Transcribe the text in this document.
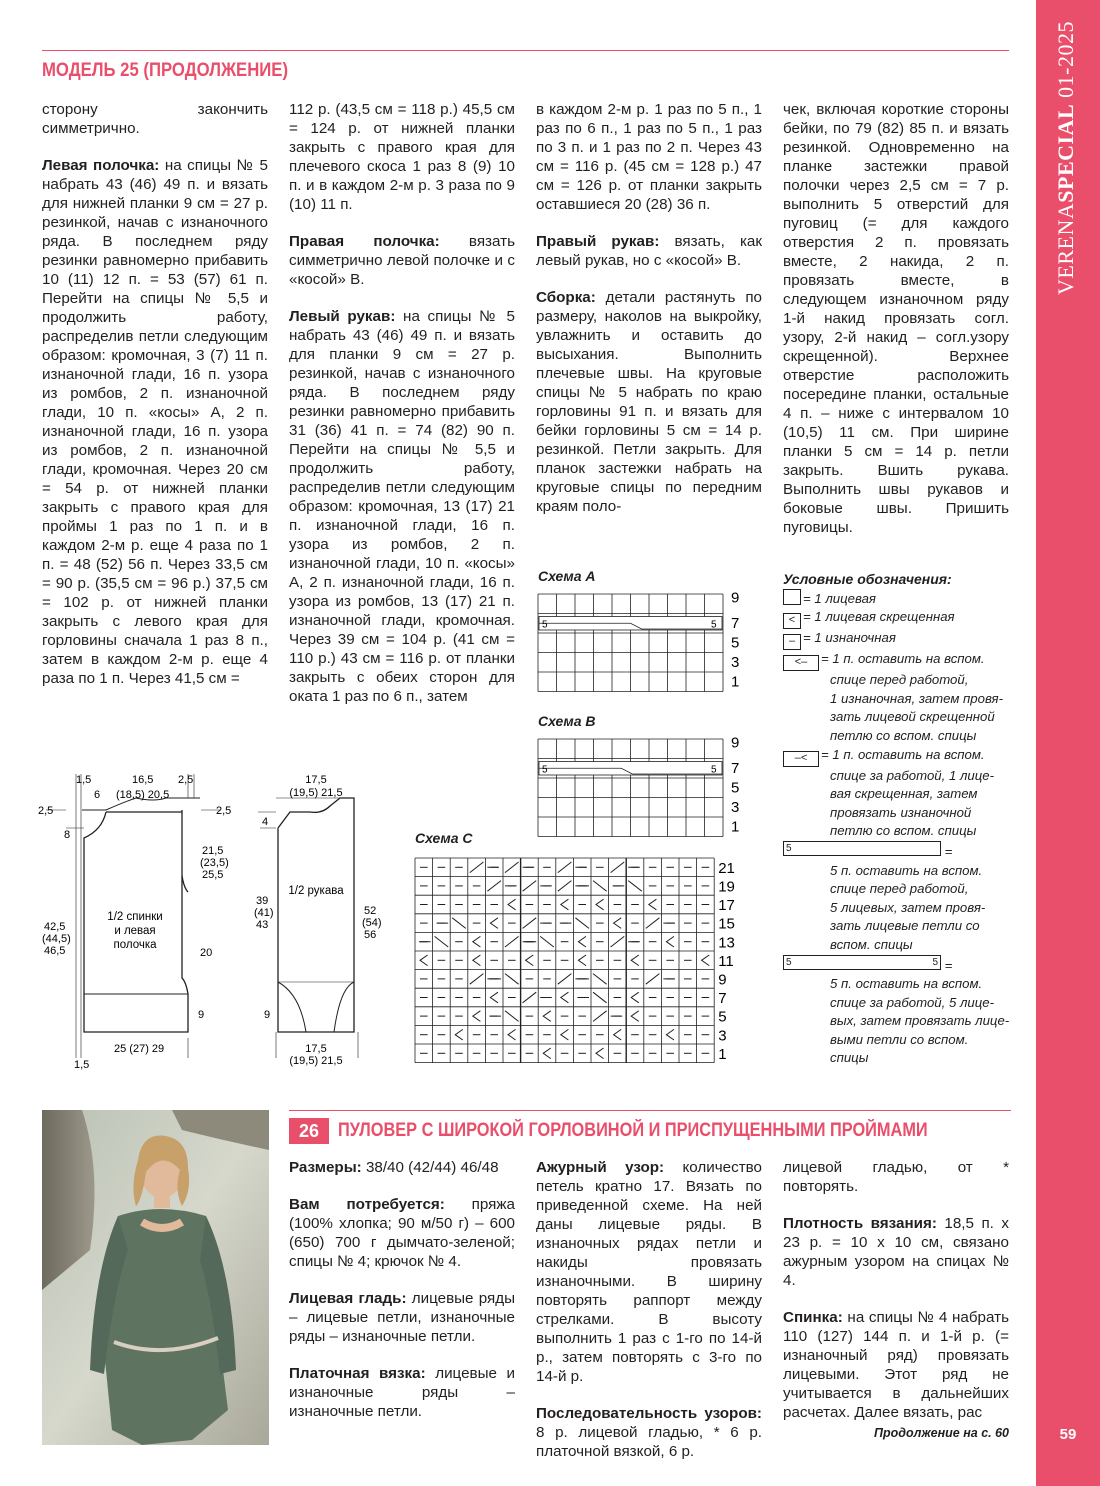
VERENASPECIAL 01-2025
59
МОДЕЛЬ 25 (ПРОДОЛЖЕНИЕ)

сторону закончить симметрично.

Левая полочка: на спицы № 5 набрать 43 (46) 49 п. и вязать для нижней планки 9 см = 27 р. резинкой, начав с изнаночного ряда. В последнем ряду резинки равномерно прибавить 10 (11) 12 п. = 53 (57) 61 п. Перейти на спицы № 5,5 и продолжить работу, распределив петли следующим образом: кромочная, 3 (7) 11 п. изнаночной глади, 16 п. узора из ромбов, 2 п. изнаночной глади, 10 п. «косы» А, 2 п. изнаночной глади, 16 п. узора из ромбов, 2 п. изнаночной глади, кромочная. Через 20 см = 54 р. от нижней планки закрыть с правого края для проймы 1 раз по 1 п. и в каждом 2-м р. еще 4 раза по 1 п. = 48 (52) 56 п. Через 33,5 см = 90 р. (35,5 см = 96 р.) 37,5 см = 102 р. от нижней планки закрыть с левого края для горловины сначала 1 раз 8 п., затем в каждом 2-м р. еще 4 раза по 1 п. Через 41,5 см =

112 р. (43,5 см = 118 р.) 45,5 см = 124 р. от нижней планки закрыть с правого края для плечевого скоса 1 раз 8 (9) 10 п. и в каждом 2-м р. 3 раза по 9 (10) 11 п.

Правая полочка: вязать симметрично левой полочке и с «косой» В.

Левый рукав: на спицы № 5 набрать 43 (46) 49 п. и вязать для планки 9 см = 27 р. резинкой, начав с изнаночного ряда. В последнем ряду резинки равномерно прибавить 31 (36) 41 п. = 74 (82) 90 п. Перейти на спицы № 5,5 и продолжить работу, распределив петли следующим образом: кромочная, 13 (17) 21 п. изнаночной глади, 16 п. узора из ромбов, 2 п. изнаночной глади, 10 п. «косы» А, 2 п. изнаночной глади, 16 п. узора из ромбов, 13 (17) 21 п. изнаночной глади, кромочная. Через 39 см = 104 р. (41 см = 110 р.) 43 см = 116 р. от планки закрыть с обеих сторон для оката 1 раз по 6 п., затем

в каждом 2-м р. 1 раз по 5 п., 1 раз по 6 п., 1 раз по 5 п., 1 раз по 3 п. и 1 раз по 2 п. Через 43 см = 116 р. (45 см = 128 р.) 47 см = 126 р. от планки закрыть оставшиеся 20 (28) 36 п.

Правый рукав: вязать, как левый рукав, но с «косой» В.

Сборка: детали растянуть по размеру, наколов на выкройку, увлажнить и оставить до высыхания. Выполнить плечевые швы. На круговые спицы № 5 набрать по краю горловины 91 п. и вязать для бейки горловины 5 см = 14 р. резинкой. Петли закрыть. Для планок застежки набрать на круговые спицы по передним краям поло-

чек, включая короткие стороны бейки, по 79 (82) 85 п. и вязать резинкой. Одновременно на планке застежки правой полочки через 2,5 см = 7 р. выполнить 5 отверстий для пуговиц (= для каждого отверстия 2 п. провязать вместе, 2 накида, 2 п. провязать вместе, в следующем изнаночном ряду 1-й накид провязать согл. узору, 2-й накид – согл.узору скрещенной). Верхнее отверстие расположить посередине планки, остальные 4 п. – ниже с интервалом 10 (10,5) 11 см. При ширине планки 5 см = 14 р. петли закрыть. Вшить рукава. Выполнить швы рукавов и боковые швы. Пришить пуговицы.

Схема А
5	5
9
7
5
3
1
Схема В
5	5
9
7
5
3
1
Схема С
21
19
17
15
13
11
9
7
5
3
1
Условные обозначения:
= 1 лицевая
< = 1 лицевая скрещенная
– = 1 изнаночная
<– = 1 п. оставить на вспом.
спице перед работой,
1 изнаночная, затем провя-
зать лицевой скрещенной
петлю со вспом. спицы
–< = 1 п. оставить на вспом.
спице за работой, 1 лице-
вая скрещенная, затем
провязать изнаночной
петлю со вспом. спицы
5	=
5 п. оставить на вспом.
спице перед работой,
5 лицевых, затем провя-
зать лицевые петли со
вспом. спицы
5	5 =
5 п. оставить на вспом.
спице за работой, 5 лице-
вых, затем провязать лице-
выми петли со вспом.
спицы
1,5
6
16,5
(18,5) 20,5
2,5
2,5	2,5
8
21,5
(23,5)
25,5
42,5
(44,5)
46,5
1/2 спинки
и левая
полочка
20
9
25 (27) 29
1,5
17,5
(19,5) 21,5
4
39
(41)
43
1/2 рукава
52
(54)
56
9
17,5
(19,5) 21,5
26 ПУЛОВЕР С ШИРОКОЙ ГОРЛОВИНОЙ И ПРИСПУЩЕННЫМИ ПРОЙМАМИ

Размеры: 38/40 (42/44) 46/48

Вам потребуется: пряжа (100% хлопка; 90 м/50 г) – 600 (650) 700 г дымчато-зеленой; спицы № 4; крючок № 4.

Лицевая гладь: лицевые ряды – лицевые петли, изнаночные ряды – изнаночные петли.

Платочная вязка: лицевые и изнаночные ряды – изнаночные петли.

Ажурный узор: количество петель кратно 17. Вязать по приведенной схеме. На ней даны лицевые ряды. В изнаночных рядах петли и накиды провязать изнаночными. В ширину повторять раппорт между стрелками. В высоту выполнить 1 раз с 1-го по 14-й р., затем повторять с 3-го по 14-й р.

Последовательность узоров: 8 р. лицевой гладью, * 6 р. платочной вязкой, 6 р.

лицевой гладью, от * повторять.

Плотность вязания: 18,5 п. х 23 р. = 10 х 10 см, связано ажурным узором на спицах № 4.

Спинка: на спицы № 4 набрать 110 (127) 144 п. и 1-й р. (= изнаночный ряд) провязать лицевыми. Этот ряд не учитывается в дальнейших расчетах. Далее вязать, рас

Продолжение на с. 60
